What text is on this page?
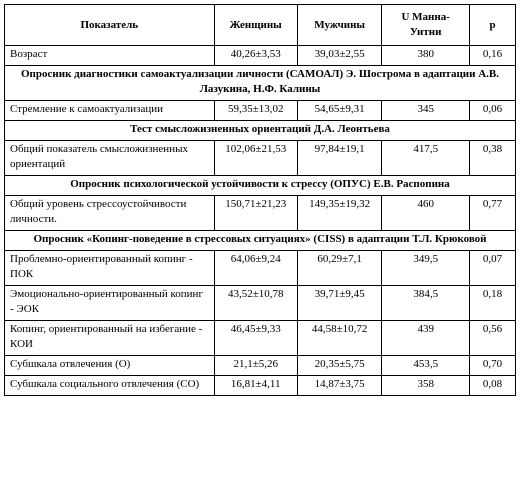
Показатель	Женщины	Мужчины	U Манна-Уитни	p
Возраст	40,26±3,53	39,03±2,55	380	0,16
Опросник диагностики самоактуализации личности (САМОАЛ) Э. Шострома в адаптации А.В. Лазукина, Н.Ф. Калины				
Стремление к самоактуализации	59,35±13,02	54,65±9,31	345	0,06
Тест смысложизненных ориентаций Д.А. Леонтьева				
Общий показатель смысложизненных ориентаций	102,06±21,53	97,84±19,1	417,5	0,38
Опросник психологической устойчивости к стрессу (ОПУС) Е.В. Распопина				
Общий уровень стрессоустойчивости личности.	150,71±21,23	149,35±19,32	460	0,77
Опросник «Копинг-поведение в стрессовых ситуациях» (CISS) в адаптации Т.Л. Крюковой				
Проблемно-ориентированный копинг - ПОК	64,06±9,24	60,29±7,1	349,5	0,07
Эмоционально-ориентированный копинг - ЭОК	43,52±10,78	39,71±9,45	384,5	0,18
Копинг, ориентированный на избегание - КОИ	46,45±9,33	44,58±10,72	439	0,56
Субшкала отвлечения (О)	21,1±5,26	20,35±5,75	453,5	0,70
Субшкала социального отвлечения (СО)	16,81±4,11	14,87±3,75	358	0,08
